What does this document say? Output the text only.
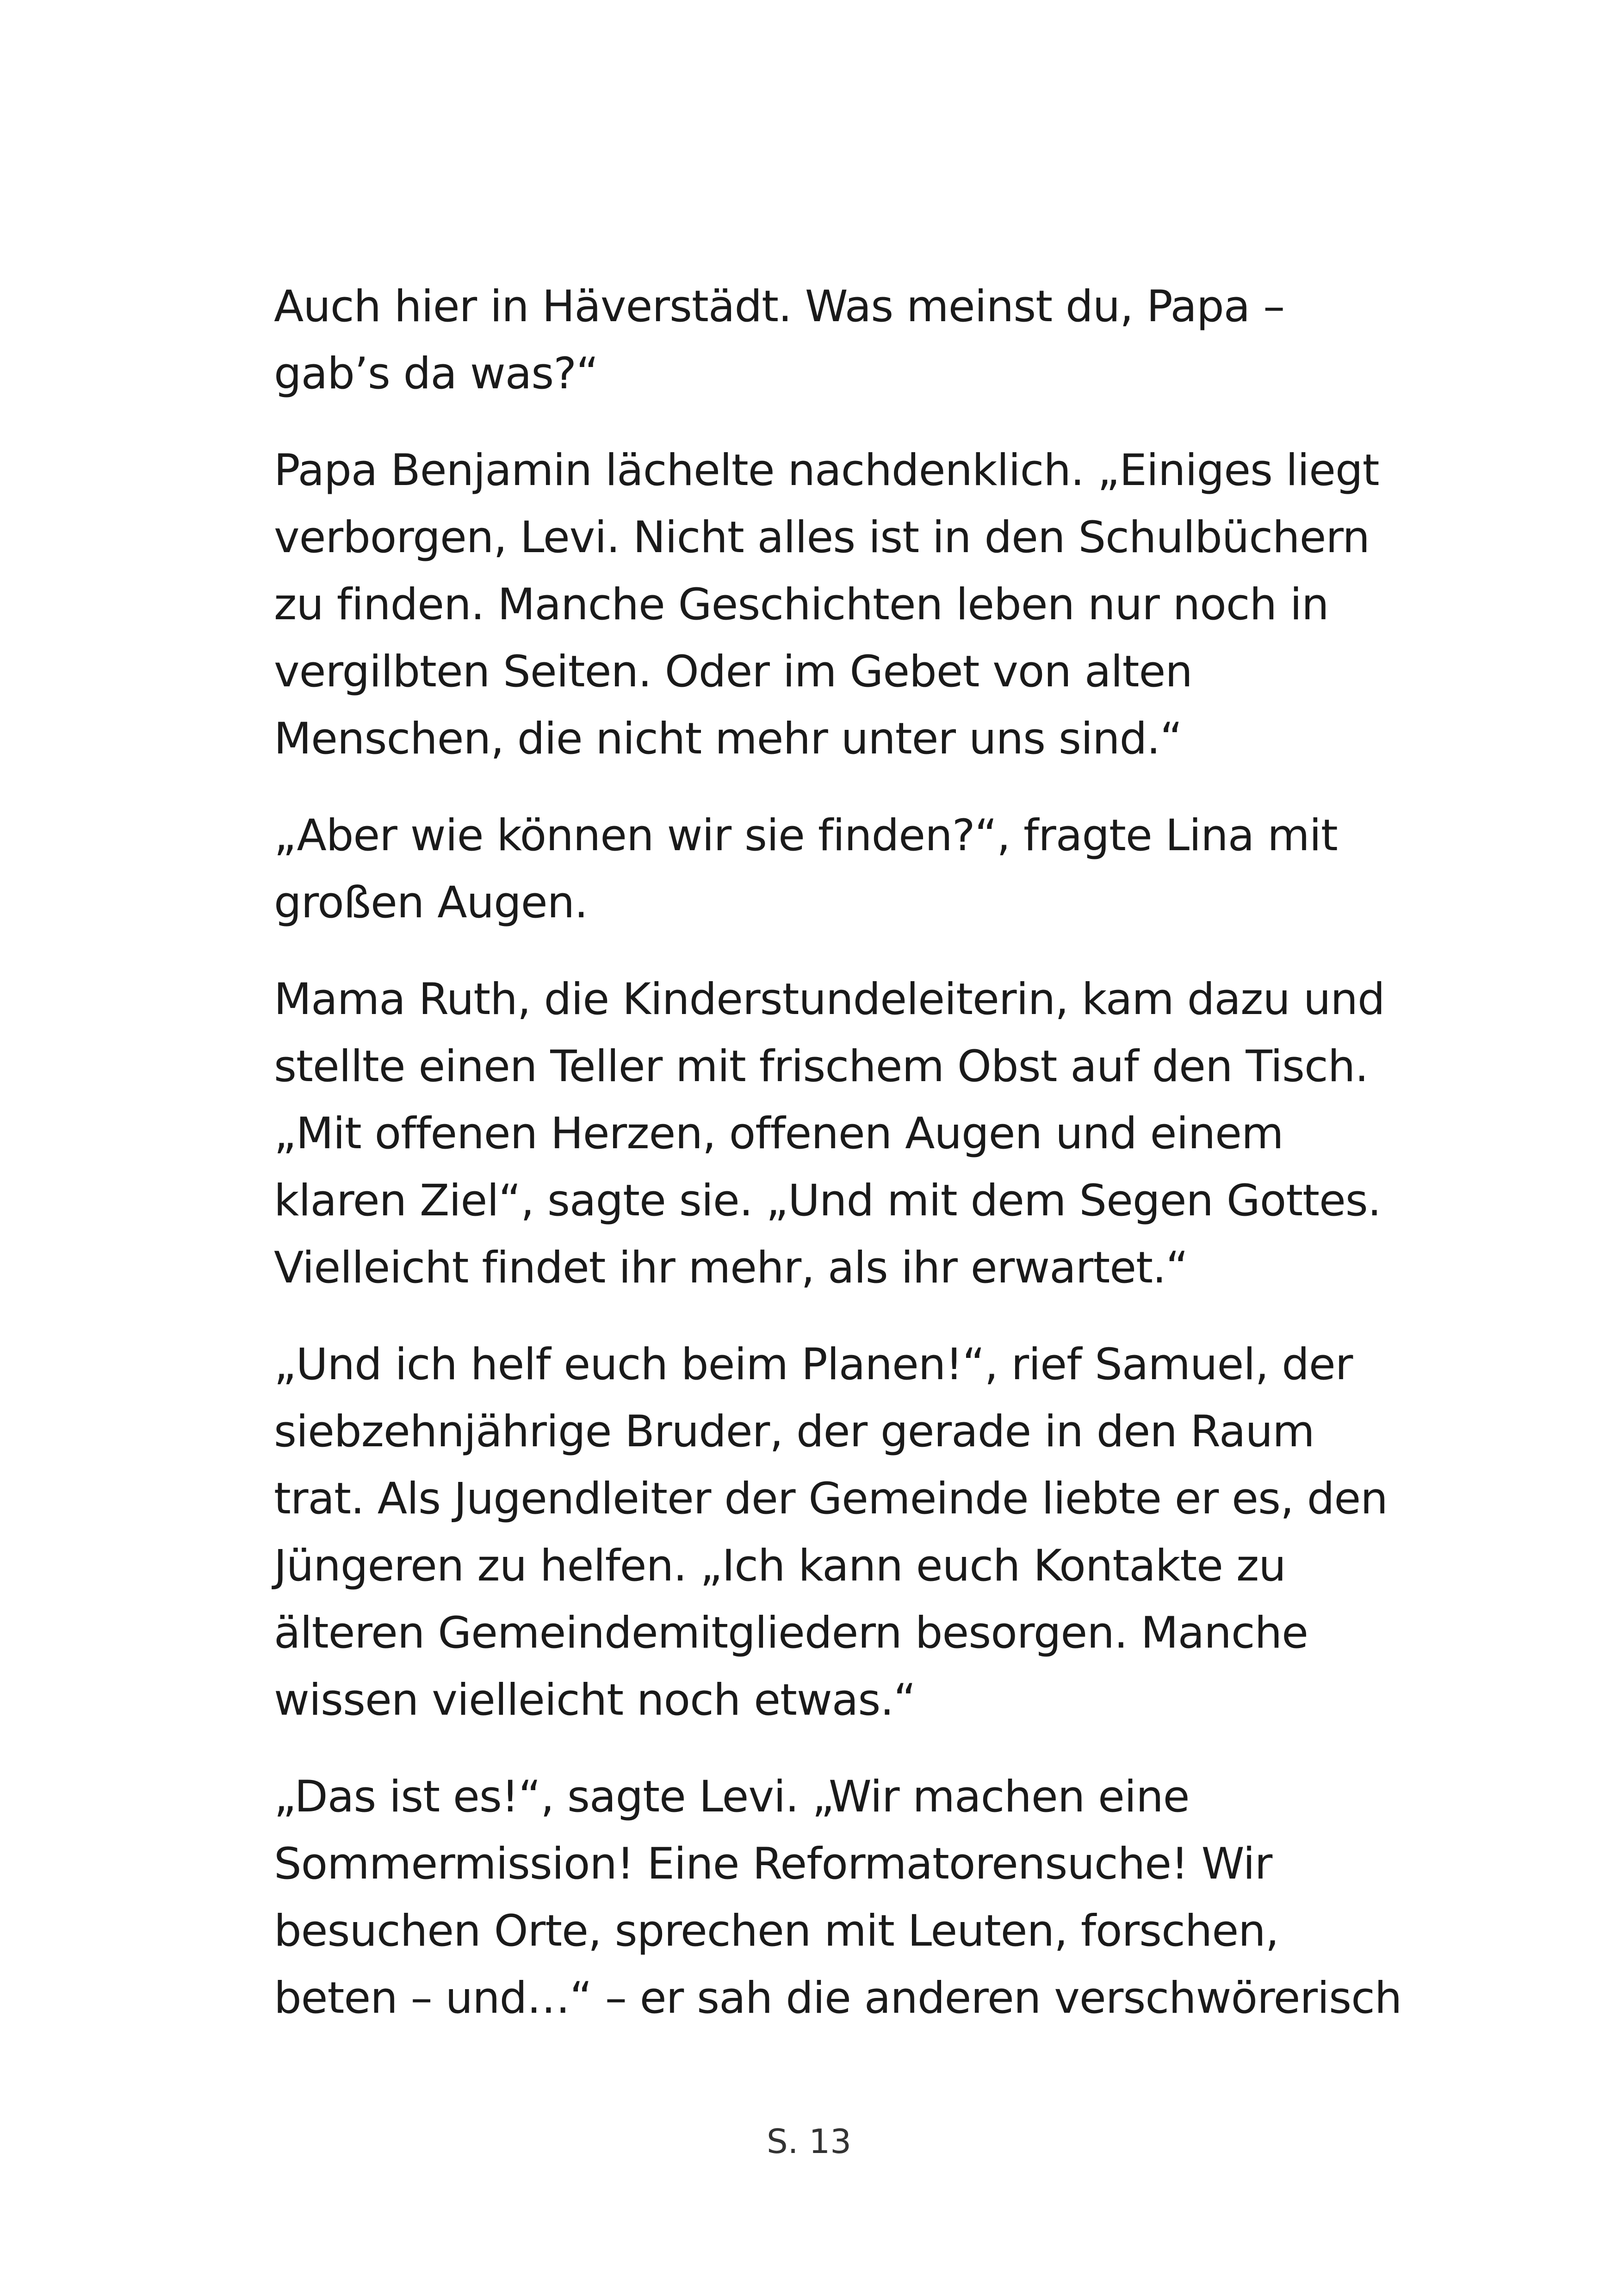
Auch hier in Häverstädt. Was meinst du, Papa –
gab’s da was?“

Papa Benjamin lächelte nachdenklich. „Einiges liegt
verborgen, Levi. Nicht alles ist in den Schulbüchern
zu finden. Manche Geschichten leben nur noch in
vergilbten Seiten. Oder im Gebet von alten
Menschen, die nicht mehr unter uns sind.“

„Aber wie können wir sie finden?“, fragte Lina mit
großen Augen.

Mama Ruth, die Kinderstundeleiterin, kam dazu und
stellte einen Teller mit frischem Obst auf den Tisch.
„Mit offenen Herzen, offenen Augen und einem
klaren Ziel“, sagte sie. „Und mit dem Segen Gottes.
Vielleicht findet ihr mehr, als ihr erwartet.“

„Und ich helf euch beim Planen!“, rief Samuel, der
siebzehnjährige Bruder, der gerade in den Raum
trat. Als Jugendleiter der Gemeinde liebte er es, den
Jüngeren zu helfen. „Ich kann euch Kontakte zu
älteren Gemeindemitgliedern besorgen. Manche
wissen vielleicht noch etwas.“

„Das ist es!“, sagte Levi. „Wir machen eine
Sommermission! Eine Reformatorensuche! Wir
besuchen Orte, sprechen mit Leuten, forschen,
beten – und…“ – er sah die anderen verschwörerisch

S. 13
